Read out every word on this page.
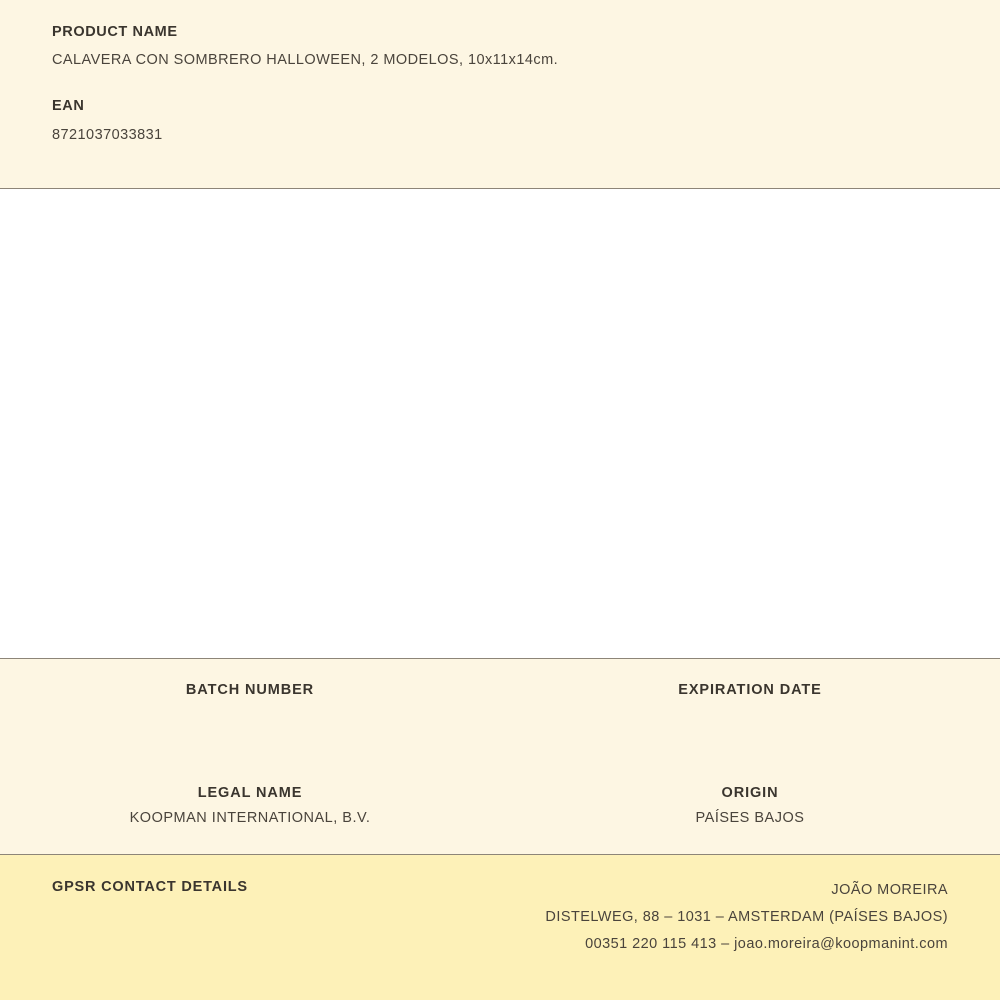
PRODUCT NAME
CALAVERA CON SOMBRERO HALLOWEEN, 2 MODELOS, 10x11x14cm.
EAN
8721037033831
BATCH NUMBER	EXPIRATION DATE
LEGAL NAME
KOOPMAN INTERNATIONAL, B.V.
ORIGIN
PAÍSES BAJOS
GPSR CONTACT DETAILS	JOÃO MOREIRA
DISTELWEG, 88 – 1031 – AMSTERDAM (PAÍSES BAJOS)
00351 220 115 413 – joao.moreira@koopmanint.com
